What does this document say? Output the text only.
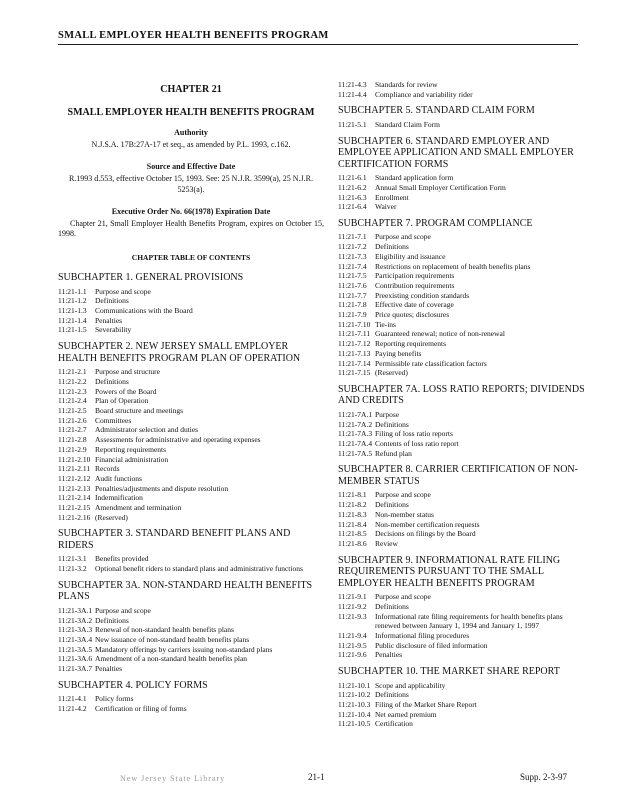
SMALL EMPLOYER HEALTH BENEFITS PROGRAM
CHAPTER 21
SMALL EMPLOYER HEALTH BENEFITS PROGRAM
Authority
N.J.S.A. 17B:27A-17 et seq., as amended by P.L. 1993, c.162.
Source and Effective Date
R.1993 d.553, effective October 15, 1993. See: 25 N.J.R. 3599(a), 25 N.J.R. 5253(a).
Executive Order No. 66(1978) Expiration Date
Chapter 21, Small Employer Health Benefits Program, expires on October 15, 1998.
CHAPTER TABLE OF CONTENTS
SUBCHAPTER 1. GENERAL PROVISIONS
11:21-1.1	Purpose and scope
11:21-1.2	Definitions
11:21-1.3	Communications with the Board
11:21-1.4	Penalties
11:21-1.5	Severability
SUBCHAPTER 2. NEW JERSEY SMALL EMPLOYER HEALTH BENEFITS PROGRAM PLAN OF OPERATION
11:21-2.1	Purpose and structure
11:21-2.2	Definitions
11:21-2.3	Powers of the Board
11:21-2.4	Plan of Operation
11:21-2.5	Board structure and meetings
11:21-2.6	Committees
11:21-2.7	Administrator selection and duties
11:21-2.8	Assessments for administrative and operating expenses
11:21-2.9	Reporting requirements
11:21-2.10 Financial administration
11:21-2.11 Records
11:21-2.12 Audit functions
11:21-2.13 Penalties/adjustments and dispute resolution
11:21-2.14 Indemnification
11:21-2.15 Amendment and termination
11:21-2.16 (Reserved)
SUBCHAPTER 3. STANDARD BENEFIT PLANS AND RIDERS
11:21-3.1	Benefits provided
11:21-3.2	Optional benefit riders to standard plans and administrative functions
SUBCHAPTER 3A. NON-STANDARD HEALTH BENEFITS PLANS
11:21-3A.1 Purpose and scope
11:21-3A.2 Definitions
11:21-3A.3 Renewal of non-standard health benefits plans
11:21-3A.4 New issuance of non-standard health benefits plans
11:21-3A.5 Mandatory offerings by carriers issuing non-standard plans
11:21-3A.6 Amendment of a non-standard health benefits plan
11:21-3A.7 Penalties
SUBCHAPTER 4. POLICY FORMS
11:21-4.1	Policy forms
11:21-4.2	Certification or filing of forms
11:21-4.3	Standards for review
11:21-4.4	Compliance and variability rider
SUBCHAPTER 5. STANDARD CLAIM FORM
11:21-5.1	Standard Claim Form
SUBCHAPTER 6. STANDARD EMPLOYER AND EMPLOYEE APPLICATION AND SMALL EMPLOYER CERTIFICATION FORMS
11:21-6.1	Standard application form
11:21-6.2	Annual Small Employer Certification Form
11:21-6.3	Enrollment
11:21-6.4	Waiver
SUBCHAPTER 7. PROGRAM COMPLIANCE
11:21-7.1	Purpose and scope
11:21-7.2	Definitions
11:21-7.3	Eligibility and issuance
11:21-7.4	Restrictions on replacement of health benefits plans
11:21-7.5	Participation requirements
11:21-7.6	Contribution requirements
11:21-7.7	Preexisting condition standards
11:21-7.8	Effective date of coverage
11:21-7.9	Price quotes; disclosures
11:21-7.10 Tie-ins
11:21-7.11 Guaranteed renewal; notice of non-renewal
11:21-7.12 Reporting requirements
11:21-7.13 Paying benefits
11:21-7.14 Permissible rate classification factors
11:21-7.15 (Reserved)
SUBCHAPTER 7A. LOSS RATIO REPORTS; DIVIDENDS AND CREDITS
11:21-7A.1 Purpose
11:21-7A.2 Definitions
11:21-7A.3 Filing of loss ratio reports
11:21-7A.4 Contents of loss ratio report
11:21-7A.5 Refund plan
SUBCHAPTER 8. CARRIER CERTIFICATION OF NON-MEMBER STATUS
11:21-8.1	Purpose and scope
11:21-8.2	Definitions
11:21-8.3	Non-member status
11:21-8.4	Non-member certification requests
11:21-8.5	Decisions on filings by the Board
11:21-8.6	Review
SUBCHAPTER 9. INFORMATIONAL RATE FILING REQUIREMENTS PURSUANT TO THE SMALL EMPLOYER HEALTH BENEFITS PROGRAM
11:21-9.1	Purpose and scope
11:21-9.2	Definitions
11:21-9.3	Informational rate filing requirements for health benefits plans renewed between January 1, 1994 and January 1, 1997
11:21-9.4	Informational filing procedures
11:21-9.5	Public disclosure of filed information
11:21-9.6	Penalties
SUBCHAPTER 10. THE MARKET SHARE REPORT
11:21-10.1 Scope and applicability
11:21-10.2 Definitions
11:21-10.3 Filing of the Market Share Report
11:21-10.4 Net earned premium
11:21-10.5 Certification
21-1	Supp. 2-3-97
New Jersey State Library
